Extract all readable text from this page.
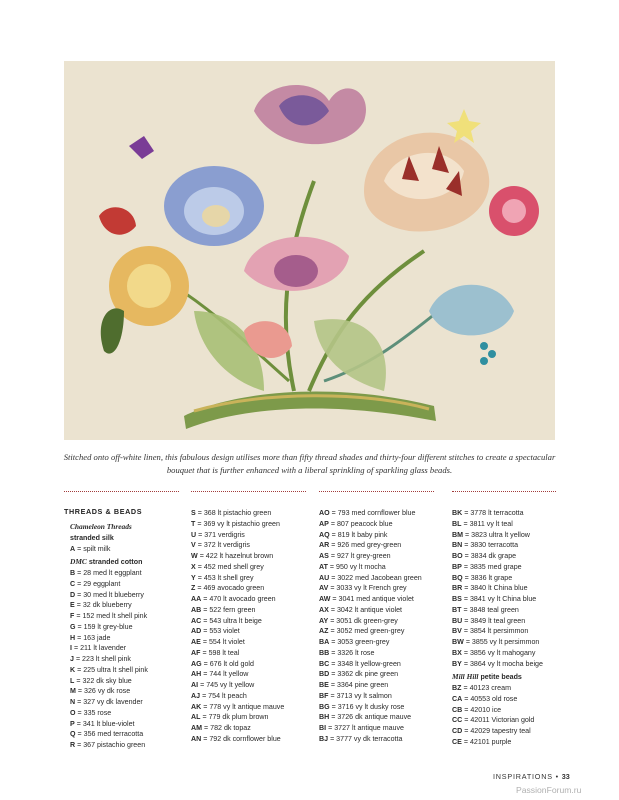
Stitched onto off-white linen, this fabulous design utilises more than fifty thread shades and thirty-four different stitches to create a spectacular bouquet that is further enhanced with a liberal sprinkling of sparkling glass beads.
THREADS & BEADS
Chameleon Threads
stranded silk
A = spilt milk
DMC stranded cotton
B = 28 med lt eggplant
C = 29 eggplant
D = 30 med lt blueberry
E = 32 dk blueberry
F = 152 med lt shell pink
G = 159 lt grey-blue
H = 163 jade
I = 211 lt lavender
J = 223 lt shell pink
K = 225 ultra lt shell pink
L = 322 dk sky blue
M = 326 vy dk rose
N = 327 vy dk lavender
O = 335 rose
P = 341 lt blue-violet
Q = 356 med terracotta
R = 367 pistachio green
S = 368 lt pistachio green
T = 369 vy lt pistachio green
U = 371 verdigris
V = 372 lt verdigris
W = 422 lt hazelnut brown
X = 452 med shell grey
Y = 453 lt shell grey
Z = 469 avocado green
AA = 470 lt avocado green
AB = 522 fern green
AC = 543 ultra lt beige
AD = 553 violet
AE = 554 lt violet
AF = 598 lt teal
AG = 676 lt old gold
AH = 744 lt yellow
AI = 745 vy lt yellow
AJ = 754 lt peach
AK = 778 vy lt antique mauve
AL = 779 dk plum brown
AM = 782 dk topaz
AN = 792 dk cornflower blue
AO = 793 med cornflower blue
AP = 807 peacock blue
AQ = 819 lt baby pink
AR = 926 med grey-green
AS = 927 lt grey-green
AT = 950 vy lt mocha
AU = 3022 med Jacobean green
AV = 3033 vy lt French grey
AW = 3041 med antique violet
AX = 3042 lt antique violet
AY = 3051 dk green-grey
AZ = 3052 med green-grey
BA = 3053 green-grey
BB = 3326 lt rose
BC = 3348 lt yellow-green
BD = 3362 dk pine green
BE = 3364 pine green
BF = 3713 vy lt salmon
BG = 3716 vy lt dusky rose
BH = 3726 dk antique mauve
BI = 3727 lt antique mauve
BJ = 3777 vy dk terracotta
BK = 3778 lt terracotta
BL = 3811 vy lt teal
BM = 3823 ultra lt yellow
BN = 3830 terracotta
BO = 3834 dk grape
BP = 3835 med grape
BQ = 3836 lt grape
BR = 3840 lt China blue
BS = 3841 vy lt China blue
BT = 3848 teal green
BU = 3849 lt teal green
BV = 3854 lt persimmon
BW = 3855 vy lt persimmon
BX = 3856 vy lt mahogany
BY = 3864 vy lt mocha beige
Mill Hill petite beads
BZ = 40123 cream
CA = 40553 old rose
CB = 42010 ice
CC = 42011 Victorian gold
CD = 42029 tapestry teal
CE = 42101 purple
INSPIRATIONS • 33
PassionForum.ru
